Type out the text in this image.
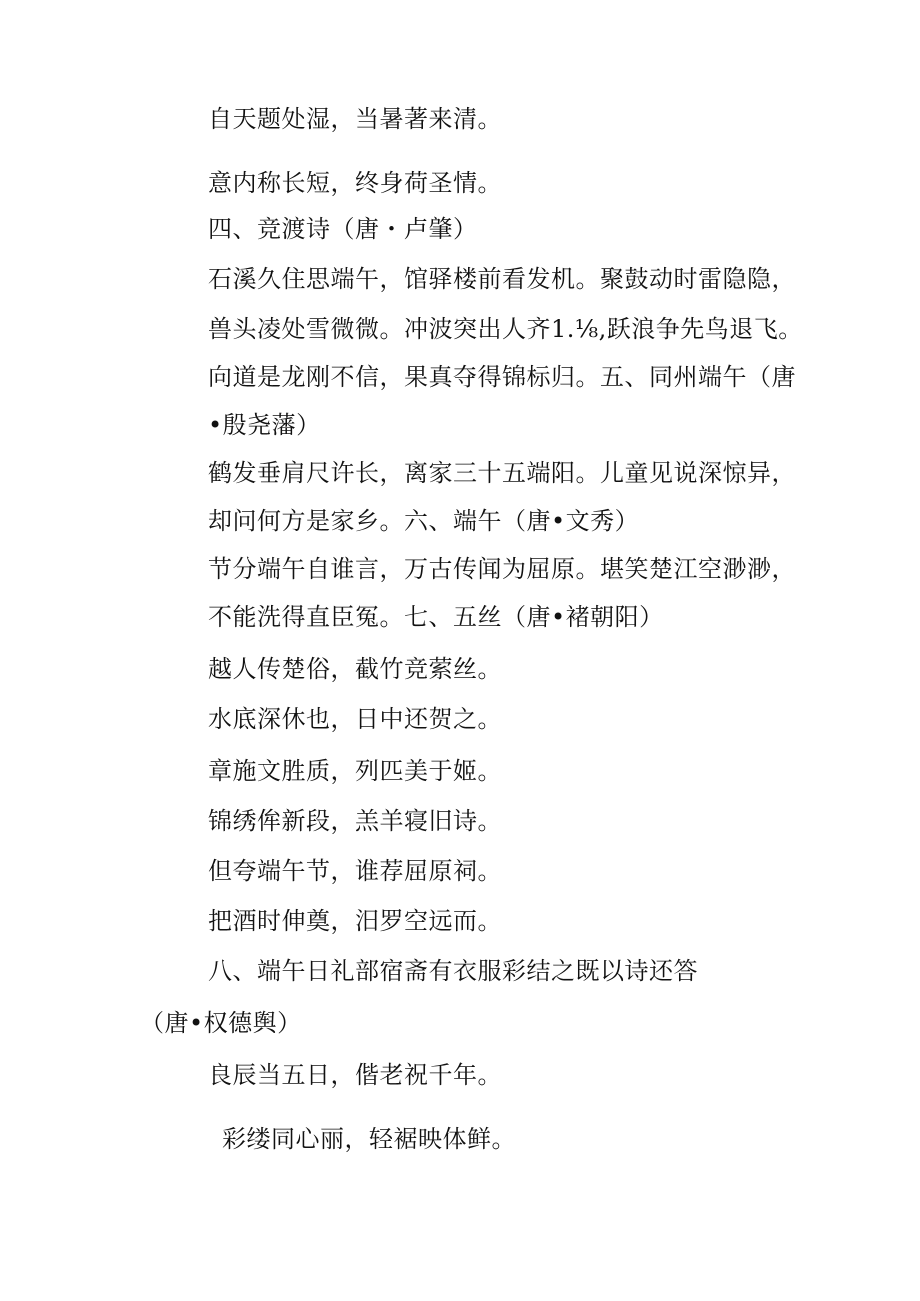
自天题处湿，当暑著来清。
意内称长短，终身荷圣情。
四、竞渡诗（唐・卢肇）
石溪久住思端午，馆驿楼前看发机。聚鼓动时雷隐隐，
兽头凌处雪微微。冲波突出人齐1.⅛,跃浪争先鸟退飞。
向道是龙刚不信，果真夺得锦标归。五、同州端午（唐
•殷尧藩）
鹤发垂肩尺许长，离家三十五端阳。儿童见说深惊异，
却问何方是家乡。六、端午（唐•文秀）
节分端午自谁言，万古传闻为屈原。堪笑楚江空渺渺，
不能洗得直臣冤。七、五丝（唐•褚朝阳）
越人传楚俗，截竹竞萦丝。
水底深休也，日中还贺之。
章施文胜质，列匹美于姬。
锦绣侔新段，羔羊寝旧诗。
但夸端午节，谁荐屈原祠。
把酒时伸奠，汨罗空远而。
八、端午日礼部宿斋有衣服彩结之既以诗还答
（唐•权德舆）
良辰当五日，偕老祝千年。
彩缕同心丽，轻裾映体鲜。
